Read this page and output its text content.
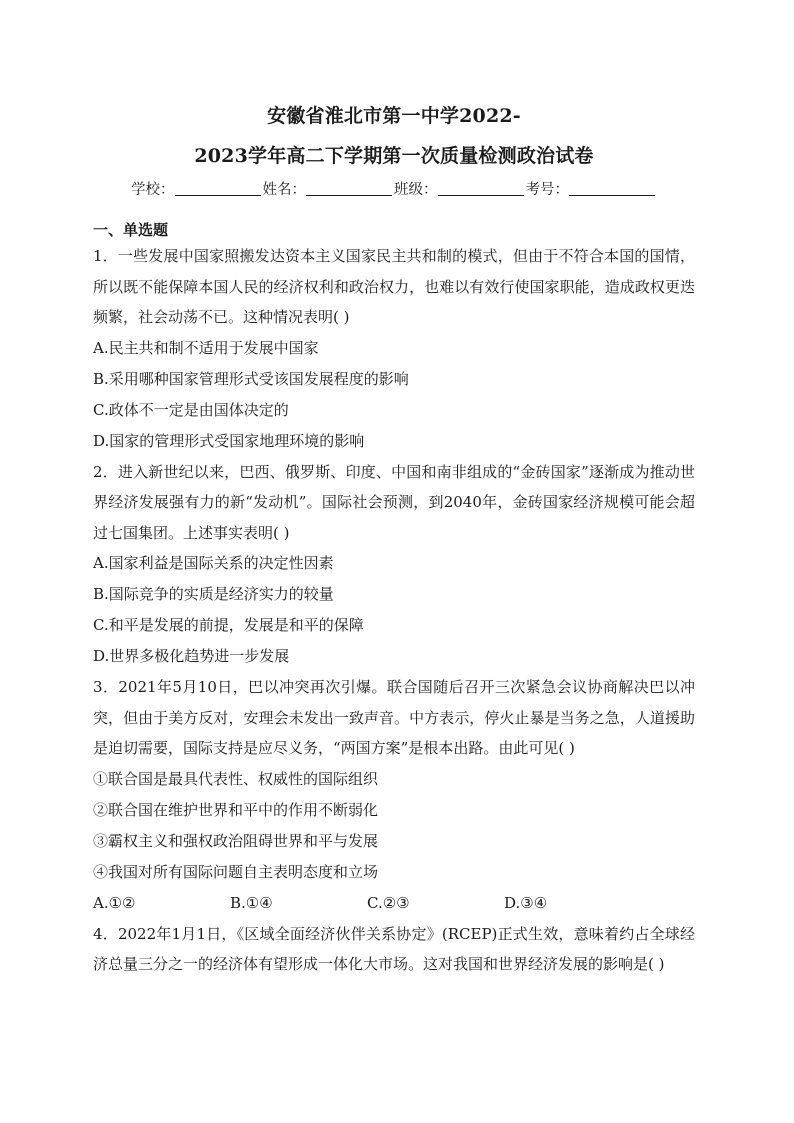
安徽省淮北市第一中学2022-
2023学年高二下学期第一次质量检测政治试卷
学校：	姓名：	班级：	考号：
一、单选题

1．一些发展中国家照搬发达资本主义国家民主共和制的模式，但由于不符合本国的国情，所以既不能保障本国人民的经济权利和政治权力，也难以有效行使国家职能，造成政权更迭频繁，社会动荡不已。这种情况表明( )

A.民主共和制不适用于发展中国家

B.采用哪种国家管理形式受该国发展程度的影响

C.政体不一定是由国体决定的

D.国家的管理形式受国家地理环境的影响

2．进入新世纪以来，巴西、俄罗斯、印度、中国和南非组成的“金砖国家”逐渐成为推动世界经济发展强有力的新“发动机”。国际社会预测，到2040年，金砖国家经济规模可能会超过七国集团。上述事实表明( )

A.国家利益是国际关系的决定性因素

B.国际竞争的实质是经济实力的较量

C.和平是发展的前提，发展是和平的保障

D.世界多极化趋势进一步发展

3．2021年5月10日，巴以冲突再次引爆。联合国随后召开三次紧急会议协商解决巴以冲突，但由于美方反对，安理会未发出一致声音。中方表示，停火止暴是当务之急，人道援助是迫切需要，国际支持是应尽义务，“两国方案”是根本出路。由此可见( )

①联合国是最具代表性、权威性的国际组织

②联合国在维护世界和平中的作用不断弱化

③霸权主义和强权政治阻碍世界和平与发展

④我国对所有国际问题自主表明态度和立场

A.①②	B.①④	C.②③	D.③④

4．2022年1月1日，《区域全面经济伙伴关系协定》(RCEP)正式生效，意味着约占全球经济总量三分之一的经济体有望形成一体化大市场。这对我国和世界经济发展的影响是( )
